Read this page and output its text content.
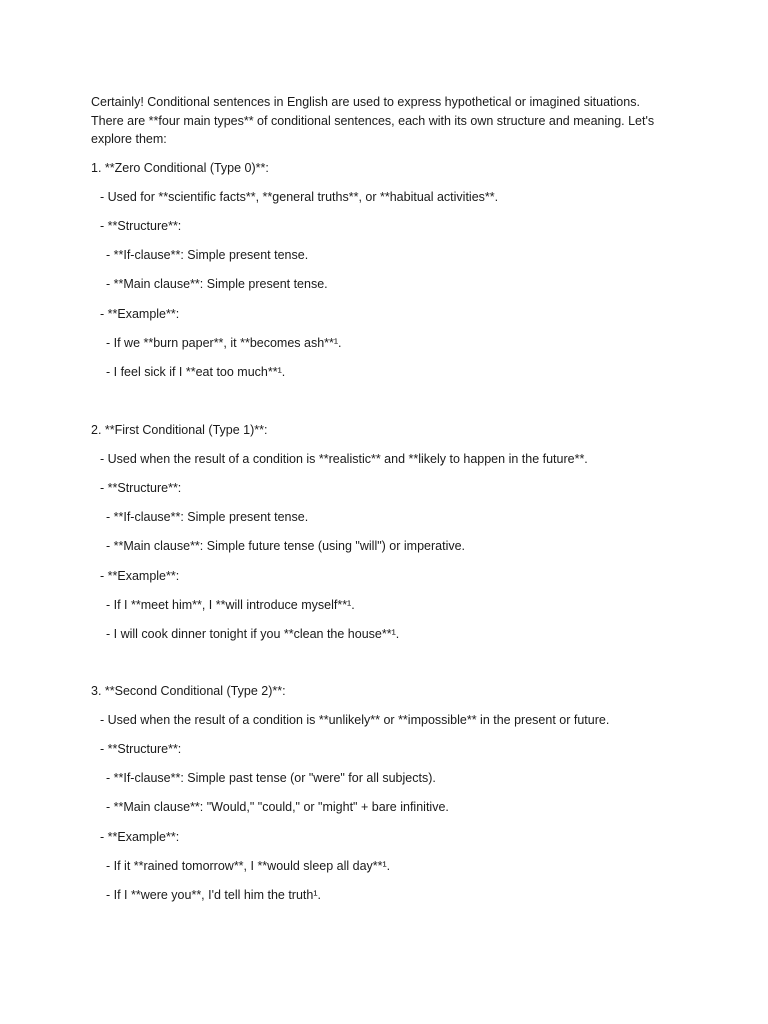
Certainly! Conditional sentences in English are used to express hypothetical or imagined situations.

There are **four main types** of conditional sentences, each with its own structure and meaning. Let's

explore them:

1. **Zero Conditional (Type 0)**:
- Used for **scientific facts**, **general truths**, or **habitual activities**.
- **Structure**:
- **If-clause**: Simple present tense.
- **Main clause**: Simple present tense.
- **Example**:
- If we **burn paper**, it **becomes ash**¹.
- I feel sick if I **eat too much**¹.
2. **First Conditional (Type 1)**:
- Used when the result of a condition is **realistic** and **likely to happen in the future**.
- **Structure**:
- **If-clause**: Simple present tense.
- **Main clause**: Simple future tense (using "will") or imperative.
- **Example**:
- If I **meet him**, I **will introduce myself**¹.
- I will cook dinner tonight if you **clean the house**¹.
3. **Second Conditional (Type 2)**:
- Used when the result of a condition is **unlikely** or **impossible** in the present or future.
- **Structure**:
- **If-clause**: Simple past tense (or "were" for all subjects).
- **Main clause**: "Would," "could," or "might" + bare infinitive.
- **Example**:
- If it **rained tomorrow**, I **would sleep all day**¹.
- If I **were you**, I'd tell him the truth¹.
